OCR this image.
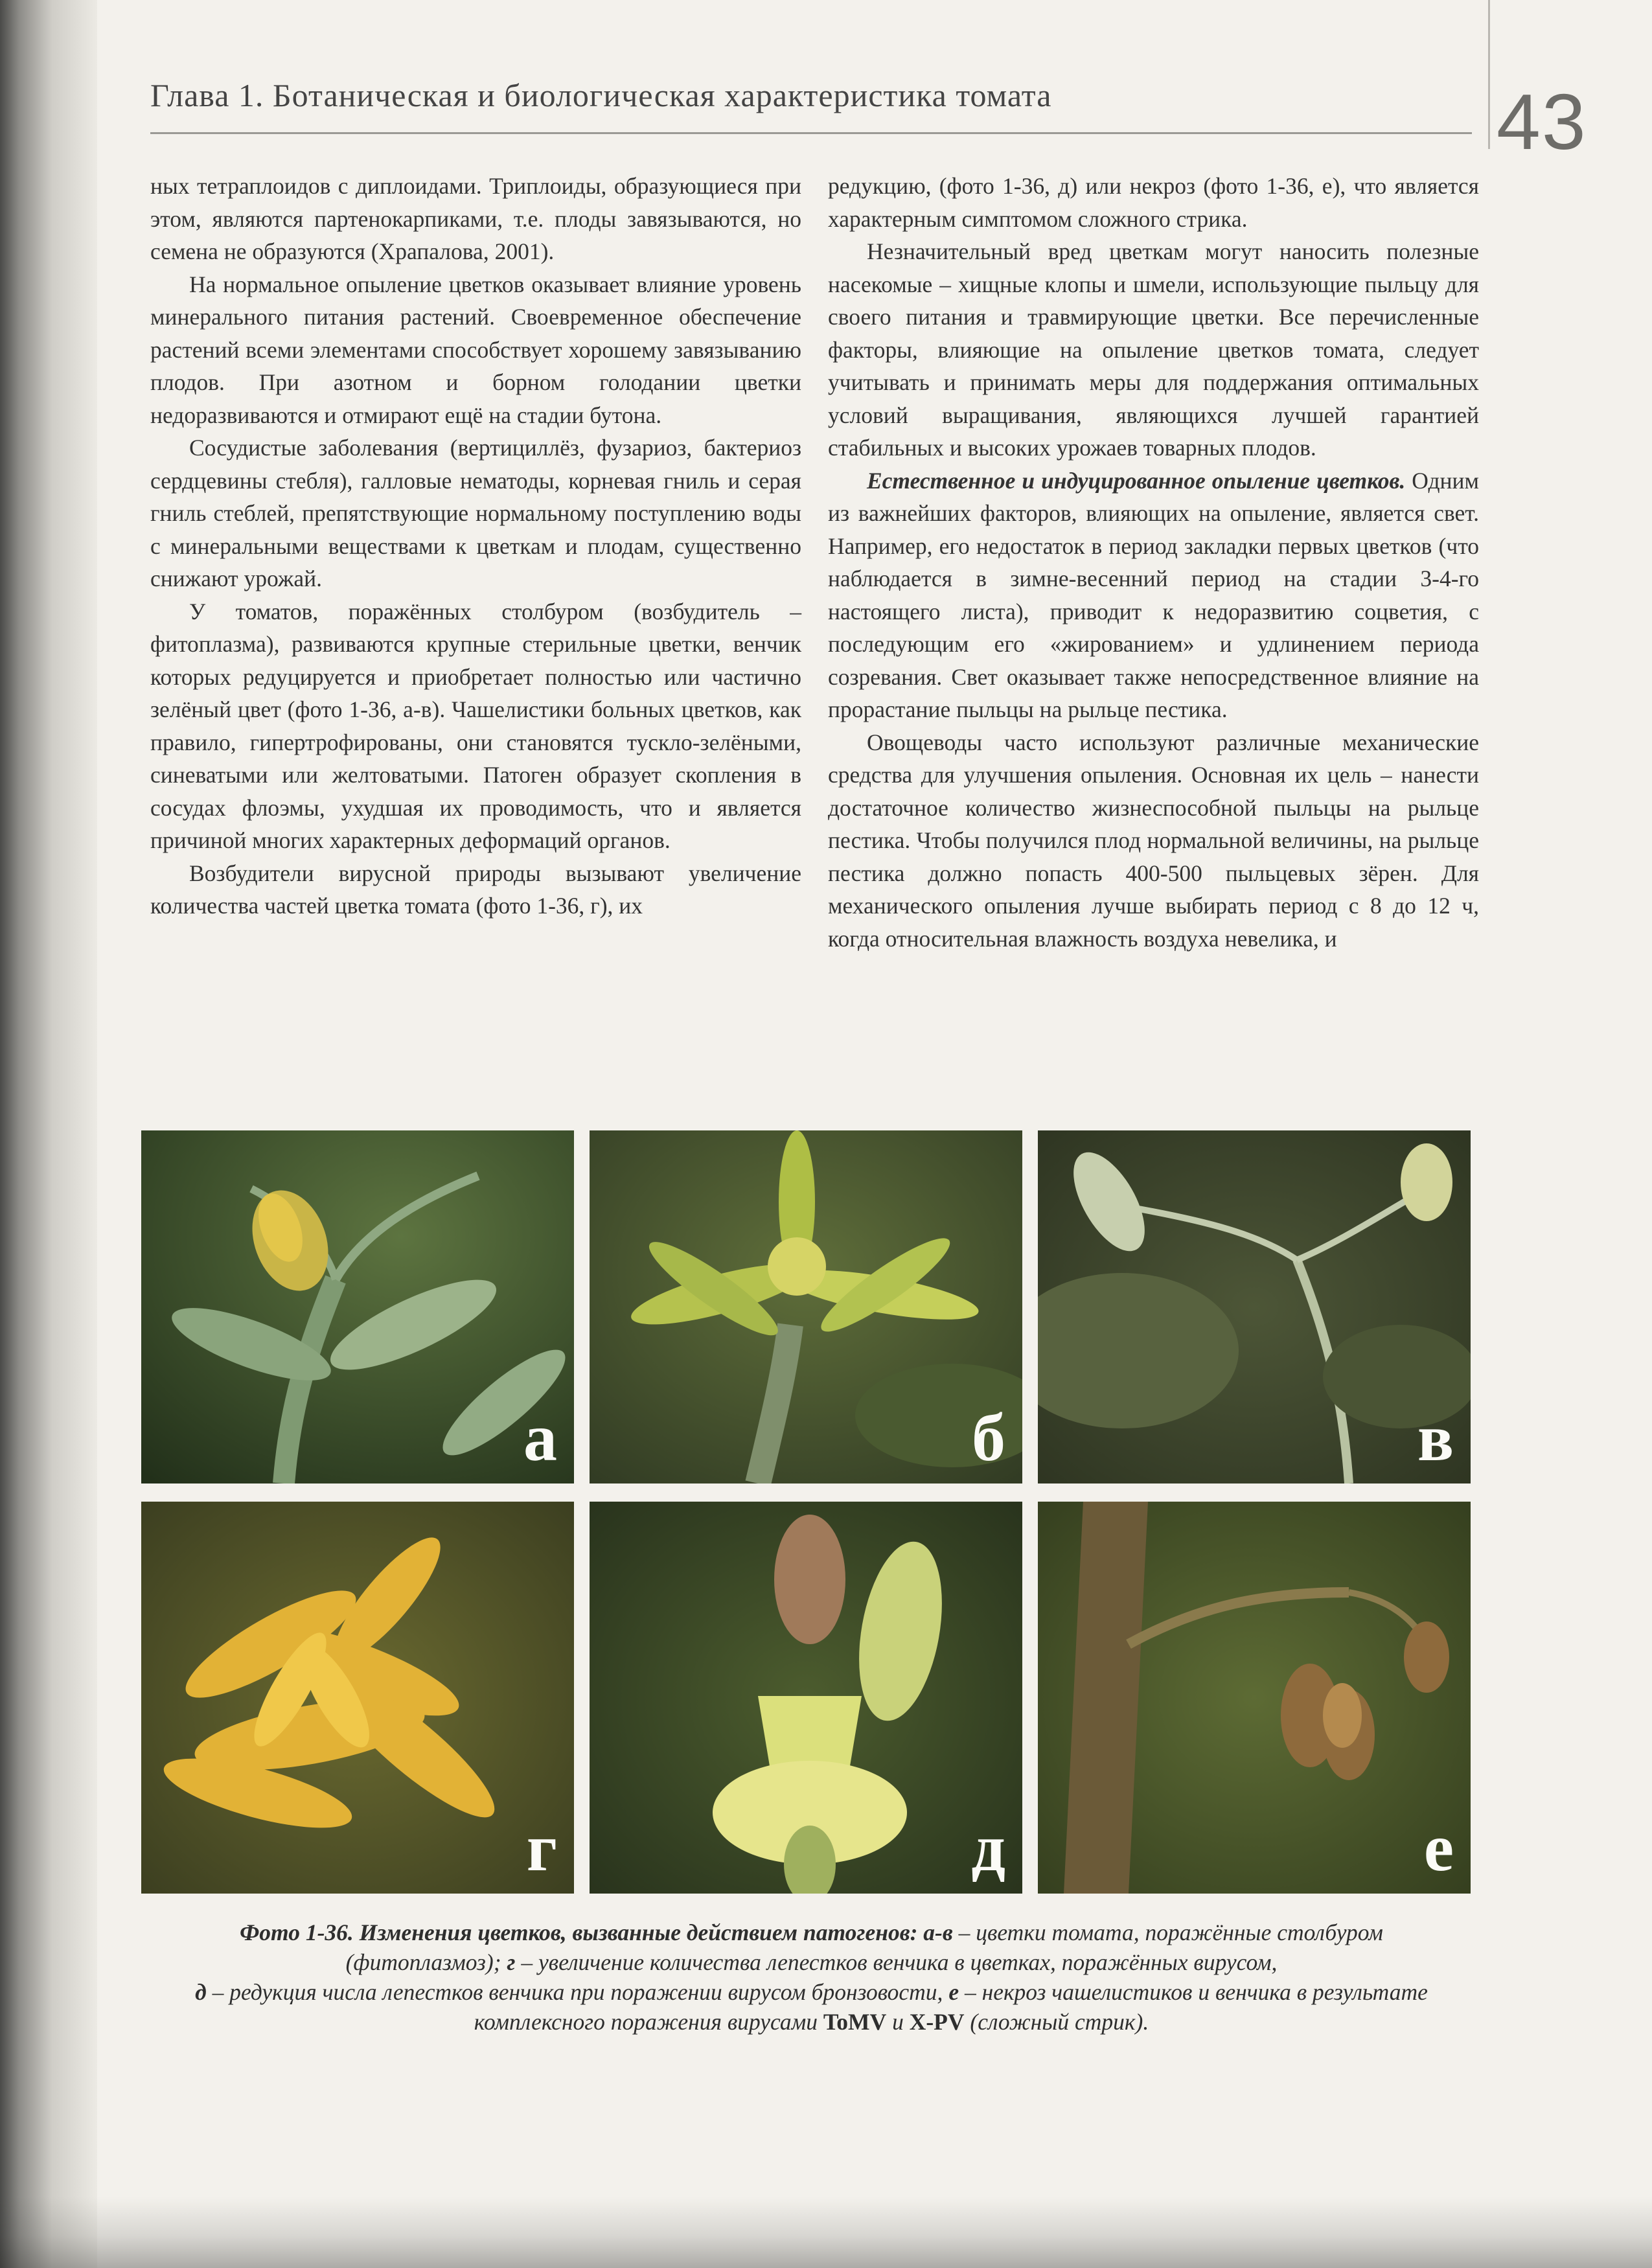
Глава 1. Ботаническая и биологическая характеристика томата	43

ных тетраплоидов с диплоидами. Триплоиды, образующиеся при этом, являются партенокарпиками, т.е. плоды завязываются, но семена не образуются (Храпалова, 2001).

На нормальное опыление цветков оказывает влияние уровень минерального питания растений. Своевременное обеспечение растений всеми элементами способствует хорошему завязыванию плодов. При азотном и борном голодании цветки недоразвиваются и отмирают ещё на стадии бутона.

Сосудистые заболевания (вертициллёз, фузариоз, бактериоз сердцевины стебля), галловые нематоды, корневая гниль и серая гниль стеблей, препятствующие нормальному поступлению воды с минеральными веществами к цветкам и плодам, существенно снижают урожай.

У томатов, поражённых столбуром (возбудитель – фитоплазма), развиваются крупные стерильные цветки, венчик которых редуцируется и приобретает полностью или частично зелёный цвет (фото 1-36, а-в). Чашелистики больных цветков, как правило, гипертрофированы, они становятся тускло-зелёными, синеватыми или желтоватыми. Патоген образует скопления в сосудах флоэмы, ухудшая их проводимость, что и является причиной многих характерных деформаций органов.

Возбудители вирусной природы вызывают увеличение количества частей цветка томата (фото 1-36, г), их

редукцию, (фото 1-36, д) или некроз (фото 1-36, е), что является характерным симптомом сложного стрика.

Незначительный вред цветкам могут наносить полезные насекомые – хищные клопы и шмели, использующие пыльцу для своего питания и травмирующие цветки. Все перечисленные факторы, влияющие на опыление цветков томата, следует учитывать и принимать меры для поддержания оптимальных условий выращивания, являющихся лучшей гарантией стабильных и высоких урожаев товарных плодов.

Естественное и индуцированное опыление цветков. Одним из важнейших факторов, влияющих на опыление, является свет. Например, его недостаток в период закладки первых цветков (что наблюдается в зимне-весенний период на стадии 3-4-го настоящего листа), приводит к недоразвитию соцветия, с последующим его «жированием» и удлинением периода созревания. Свет оказывает также непосредственное влияние на прорастание пыльцы на рыльце пестика.

Овощеводы часто используют различные механические средства для улучшения опыления. Основная их цель – нанести достаточное количество жизнеспособной пыльцы на рыльце пестика. Чтобы получился плод нормальной величины, на рыльце пестика должно попасть 400-500 пыльцевых зёрен. Для механического опыления лучше выбирать период с 8 до 12 ч, когда относительная влажность воздуха невелика, и

а	б	в
г	д	е
Фото 1-36. Изменения цветков, вызванные действием патогенов: а-в – цветки томата, поражённые столбуром (фитоплазмоз); г – увеличение количества лепестков венчика в цветках, поражённых вирусом,
д – редукция числа лепестков венчика при поражении вирусом бронзовости, е – некроз чашелистиков и венчика в результате комплексного поражения вирусами ToMV и X-PV (сложный стрик).
